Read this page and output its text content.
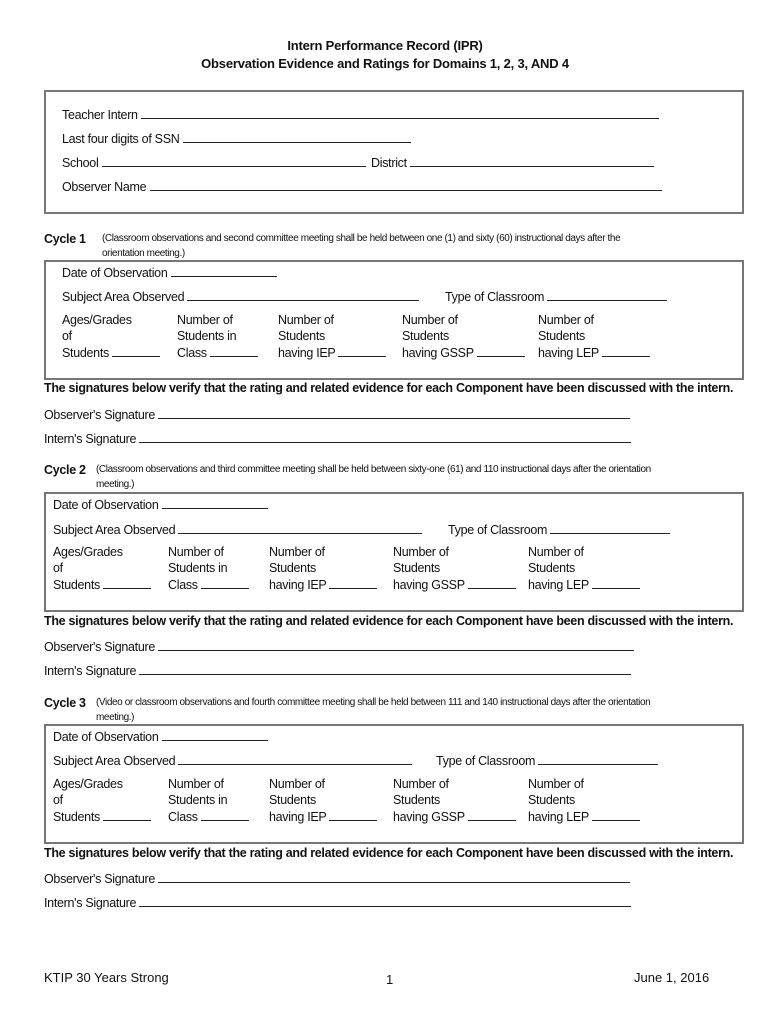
Intern Performance Record (IPR)
Observation Evidence and Ratings for Domains 1, 2, 3, AND 4
Teacher Intern
Last four digits of SSN
School	District
Observer Name
Cycle 1 (Classroom observations and second committee meeting shall be held between one (1) and sixty (60) instructional days after the
orientation meeting.)
Date of Observation
Subject Area Observed	Type of Classroom
Ages/Grades
of
Students
Number of
Students in
Class
Number of
Students
having IEP
Number of
Students
having GSSP
Number of
Students
having LEP
The signatures below verify that the rating and related evidence for each Component have been discussed with the intern.
Observer's Signature
Intern's Signature
Cycle 2 (Classroom observations and third committee meeting shall be held between sixty-one (61) and 110 instructional days after the orientation
meeting.)
Date of Observation
Subject Area Observed	Type of Classroom
Ages/Grades
of
Students
Number of
Students in
Class
Number of
Students
having IEP
Number of
Students
having GSSP
Number of
Students
having LEP
The signatures below verify that the rating and related evidence for each Component have been discussed with the intern.
Observer's Signature
Intern's Signature
Cycle 3 (Video or classroom observations and fourth committee meeting shall be held between 111 and 140 instructional days after the orientation
meeting.)
Date of Observation
Subject Area Observed	Type of Classroom
Ages/Grades
of
Students
Number of
Students in
Class
Number of
Students
having IEP
Number of
Students
having GSSP
Number of
Students
having LEP
The signatures below verify that the rating and related evidence for each Component have been discussed with the intern.
Observer's Signature
Intern's Signature
KTIP 30 Years Strong	1	June 1, 2016
